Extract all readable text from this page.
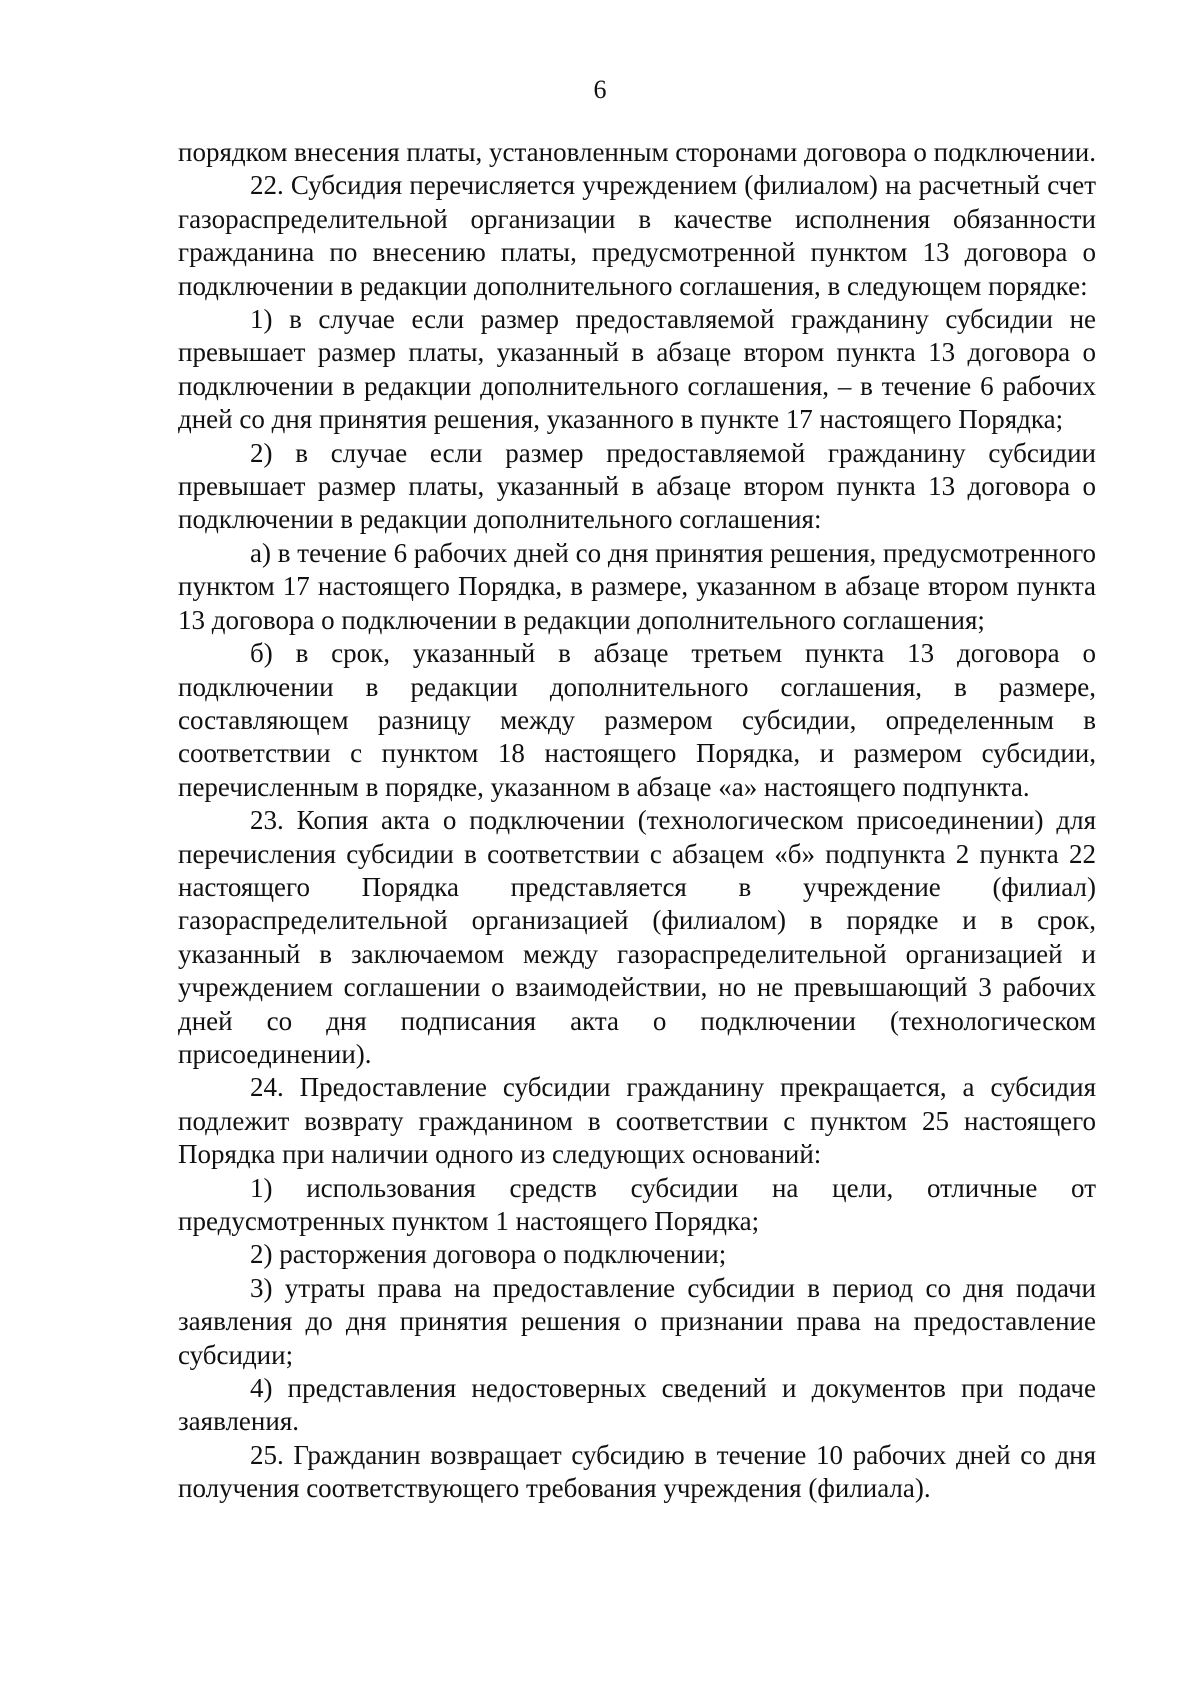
6

порядком внесения платы, установленным сторонами договора о подключении.

22. Субсидия перечисляется учреждением (филиалом) на расчетный счет газораспределительной организации в качестве исполнения обязанности гражданина по внесению платы, предусмотренной пунктом 13 договора о подключении в редакции дополнительного соглашения, в следующем порядке:

1) в случае если размер предоставляемой гражданину субсидии не превышает размер платы, указанный в абзаце втором пункта 13 договора о подключении в редакции дополнительного соглашения, – в течение 6 рабочих дней со дня принятия решения, указанного в пункте 17 настоящего Порядка;

2) в случае если размер предоставляемой гражданину субсидии превышает размер платы, указанный в абзаце втором пункта 13 договора о подключении в редакции дополнительного соглашения:

а) в течение 6 рабочих дней со дня принятия решения, предусмотренного пунктом 17 настоящего Порядка, в размере, указанном в абзаце втором пункта 13 договора о подключении в редакции дополнительного соглашения;

б) в срок, указанный в абзаце третьем пункта 13 договора о подключении в редакции дополнительного соглашения, в размере, составляющем разницу между размером субсидии, определенным в соответствии с пунктом 18 настоящего Порядка, и размером субсидии, перечисленным в порядке, указанном в абзаце «а» настоящего подпункта.

23. Копия акта о подключении (технологическом присоединении) для перечисления субсидии в соответствии с абзацем «б» подпункта 2 пункта 22 настоящего Порядка представляется в учреждение (филиал) газораспределительной организацией (филиалом) в порядке и в срок, указанный в заключаемом между газораспределительной организацией и учреждением соглашении о взаимодействии, но не превышающий 3 рабочих дней со дня подписания акта о подключении (технологическом присоединении).

24. Предоставление субсидии гражданину прекращается, а субсидия подлежит возврату гражданином в соответствии с пунктом 25 настоящего Порядка при наличии одного из следующих оснований:

1) использования средств субсидии на цели, отличные от предусмотренных пунктом 1 настоящего Порядка;

2) расторжения договора о подключении;

3) утраты права на предоставление субсидии в период со дня подачи заявления до дня принятия решения о признании права на предоставление субсидии;

4) представления недостоверных сведений и документов при подаче заявления.

25. Гражданин возвращает субсидию в течение 10 рабочих дней со дня получения соответствующего требования учреждения (филиала).
